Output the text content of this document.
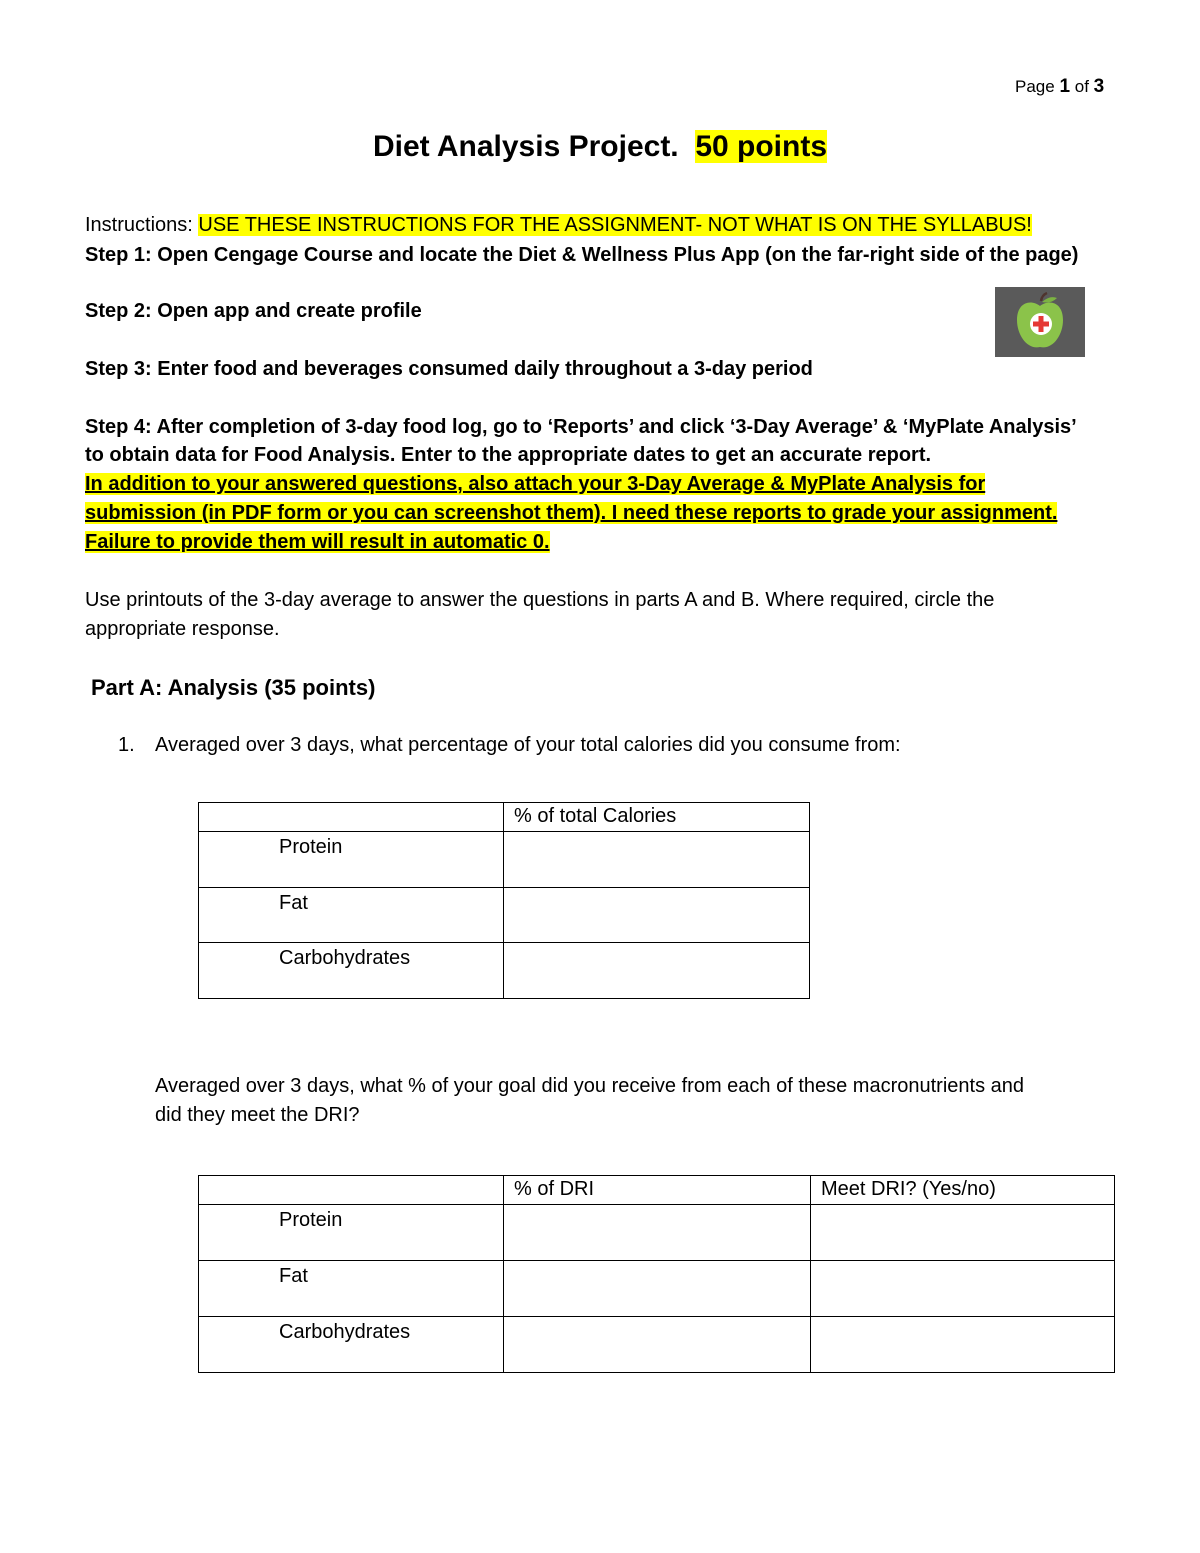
Page 1 of 3
Diet Analysis Project. 50 points
Instructions: USE THESE INSTRUCTIONS FOR THE ASSIGNMENT- NOT WHAT IS ON THE SYLLABUS!
Step 1: Open Cengage Course and locate the Diet & Wellness Plus App (on the far-right side of the page)
Step 2: Open app and create profile
Step 3: Enter food and beverages consumed daily throughout a 3-day period
Step 4: After completion of 3-day food log, go to ‘Reports’ and click ‘3-Day Average’ & ‘MyPlate Analysis’
to obtain data for Food Analysis. Enter to the appropriate dates to get an accurate report.
In addition to your answered questions, also attach your 3-Day Average & MyPlate Analysis for
submission (in PDF form or you can screenshot them). I need these reports to grade your assignment.
Failure to provide them will result in automatic 0.
Use printouts of the 3-day average to answer the questions in parts A and B. Where required, circle the
appropriate response.
Part A: Analysis (35 points)
1. Averaged over 3 days, what percentage of your total calories did you consume from:
	% of total Calories
Protein	
Fat	
Carbohydrates	
Averaged over 3 days, what % of your goal did you receive from each of these macronutrients and
did they meet the DRI?
	% of DRI	Meet DRI? (Yes/no)
Protein		
Fat		
Carbohydrates		
